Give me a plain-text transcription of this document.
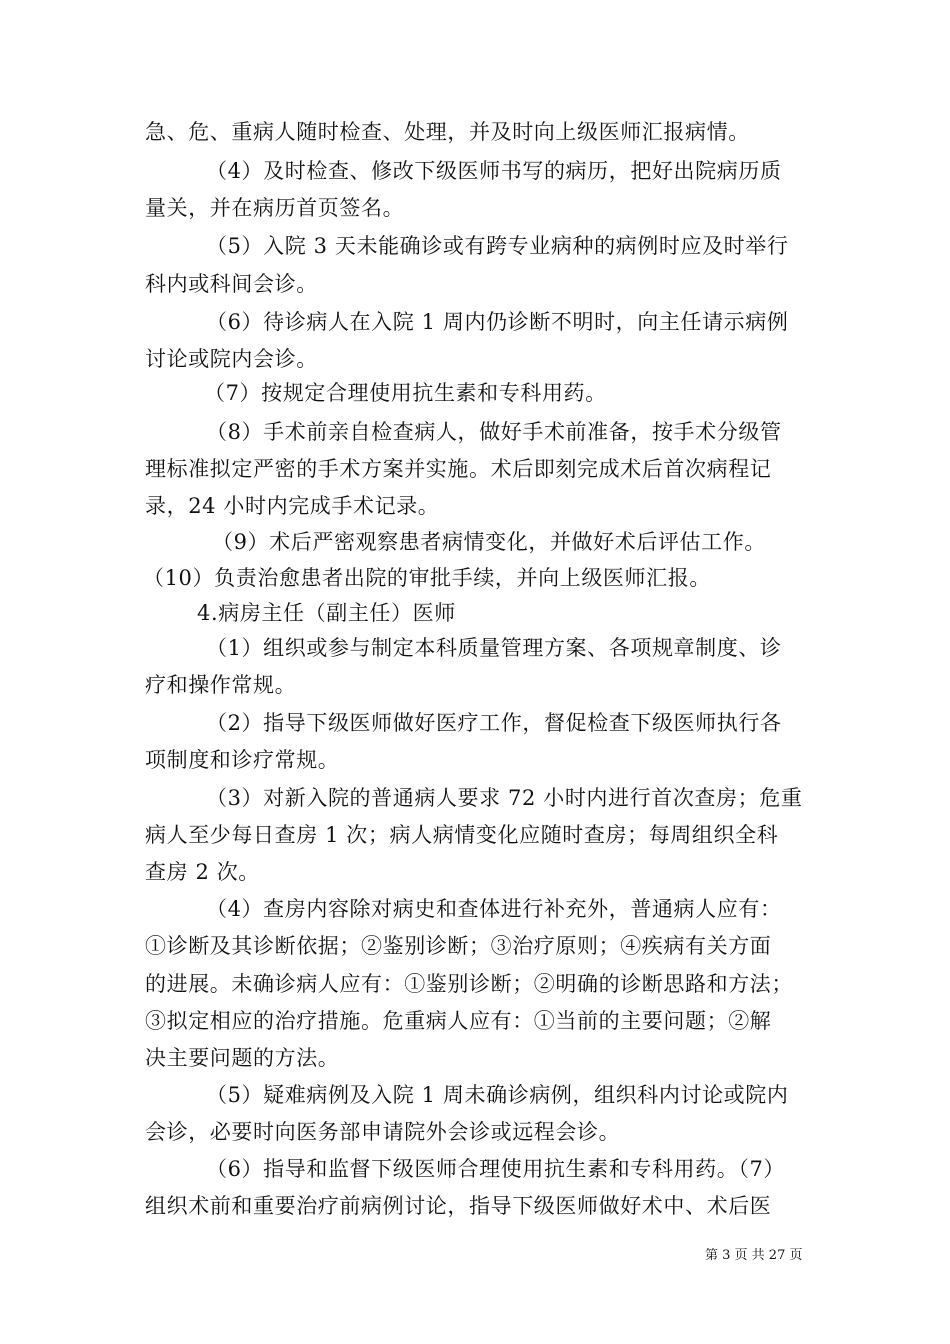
急、危、重病人随时检查、处理，并及时向上级医师汇报病情。
（4）及时检查、修改下级医师书写的病历，把好出院病历质
量关，并在病历首页签名。
（5）入院 3 天未能确诊或有跨专业病种的病例时应及时举行
科内或科间会诊。
（6）待诊病人在入院 1 周内仍诊断不明时，向主任请示病例
讨论或院内会诊。
（7）按规定合理使用抗生素和专科用药。
（8）手术前亲自检查病人，做好手术前准备，按手术分级管
理标准拟定严密的手术方案并实施。术后即刻完成术后首次病程记
录，24 小时内完成手术记录。
（9）术后严密观察患者病情变化，并做好术后评估工作。
（10）负责治愈患者出院的审批手续，并向上级医师汇报。
4.病房主任（副主任）医师
（1）组织或参与制定本科质量管理方案、各项规章制度、诊
疗和操作常规。
（2）指导下级医师做好医疗工作，督促检查下级医师执行各
项制度和诊疗常规。
（3）对新入院的普通病人要求 72 小时内进行首次查房；危重
病人至少每日查房 1 次；病人病情变化应随时查房；每周组织全科
查房 2 次。
（4）查房内容除对病史和查体进行补充外，普通病人应有：
①诊断及其诊断依据；②鉴别诊断；③治疗原则；④疾病有关方面
的进展。未确诊病人应有：①鉴别诊断；②明确的诊断思路和方法；
③拟定相应的治疗措施。危重病人应有：①当前的主要问题；②解
决主要问题的方法。
（5）疑难病例及入院 1 周未确诊病例，组织科内讨论或院内
会诊，必要时向医务部申请院外会诊或远程会诊。
（6）指导和监督下级医师合理使用抗生素和专科用药。（7）
组织术前和重要治疗前病例讨论，指导下级医师做好术中、术后医
第 3 页 共 27 页
